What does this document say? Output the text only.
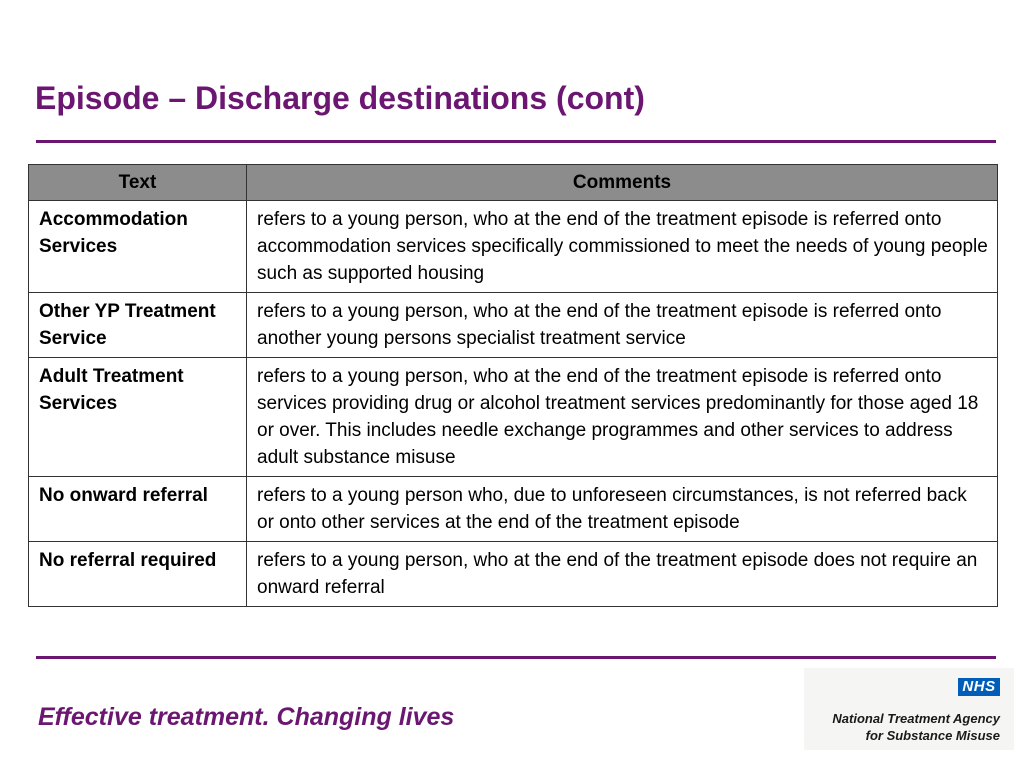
Episode – Discharge destinations (cont)
Text	Comments
Accommodation Services	refers to a young person, who at the end of the treatment episode is referred onto accommodation services specifically commissioned to meet the needs of young people such as supported housing
Other YP Treatment Service	refers to a young person, who at the end of the treatment episode is referred onto another young persons specialist treatment service
Adult Treatment Services	refers to a young person, who at the end of the treatment episode is referred onto services providing drug or alcohol treatment services predominantly for those aged 18 or over. This includes needle exchange programmes and other services to address adult substance misuse
No onward referral	refers to a young person who, due to unforeseen circumstances, is not referred back or onto other services at the end of the treatment episode
No referral required	refers to a young person, who at the end of the treatment episode does not require an onward referral
Effective treatment. Changing lives
NHS
National Treatment Agency
for Substance Misuse
